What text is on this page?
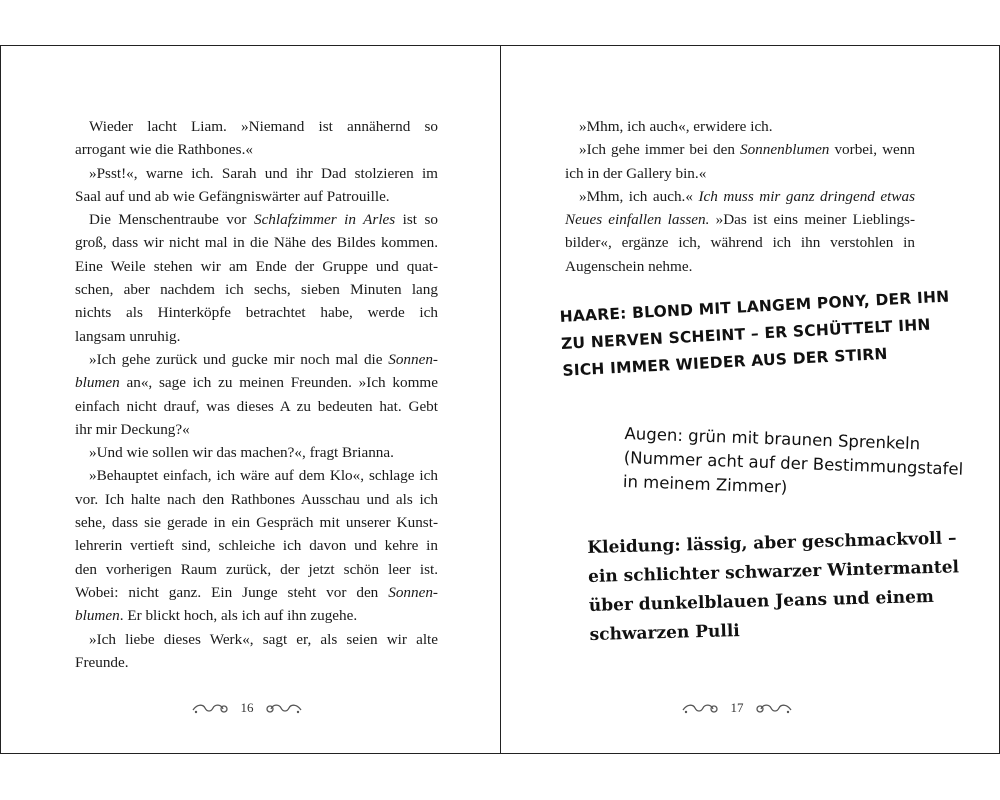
Wieder lacht Liam. »Niemand ist annähernd so
arrogant wie die Rathbones.«
»Psst!«, warne ich. Sarah und ihr Dad stolzieren im
Saal auf und ab wie Gefängniswärter auf Patrouille.
Die Menschentraube vor Schlafzimmer in Arles ist so
groß, dass wir nicht mal in die Nähe des Bildes kommen.
Eine Weile stehen wir am Ende der Gruppe und quat-
schen, aber nachdem ich sechs, sieben Minuten lang
nichts als Hinterköpfe betrachtet habe, werde ich
langsam unruhig.
»Ich gehe zurück und gucke mir noch mal die Sonnen-
blumen an«, sage ich zu meinen Freunden. »Ich komme
einfach nicht drauf, was dieses A zu bedeuten hat. Gebt
ihr mir Deckung?«
»Und wie sollen wir das machen?«, fragt Brianna.
»Behauptet einfach, ich wäre auf dem Klo«, schlage ich
vor. Ich halte nach den Rathbones Ausschau und als ich
sehe, dass sie gerade in ein Gespräch mit unserer Kunst-
lehrerin vertieft sind, schleiche ich davon und kehre in
den vorherigen Raum zurück, der jetzt schön leer ist.
Wobei: nicht ganz. Ein Junge steht vor den Sonnen-
blumen. Er blickt hoch, als ich auf ihn zugehe.
»Ich liebe dieses Werk«, sagt er, als seien wir alte
Freunde.
16
»Mhm, ich auch«, erwidere ich.
»Ich gehe immer bei den Sonnenblumen vorbei, wenn
ich in der Gallery bin.«
»Mhm, ich auch.« Ich muss mir ganz dringend etwas
Neues einfallen lassen. »Das ist eins meiner Lieblings-
bilder«, ergänze ich, während ich ihn verstohlen in
Augenschein nehme.
HAARE: BLOND MIT LANGEM PONY, DER IHN
ZU NERVEN SCHEINT – ER SCHÜTTELT IHN
SICH IMMER WIEDER AUS DER STIRN
Augen: grün mit braunen Sprenkeln
(Nummer acht auf der Bestimmungstafel
in meinem Zimmer)
Kleidung: lässig, aber geschmackvoll –
ein schlichter schwarzer Wintermantel
über dunkelblauen Jeans und einem
schwarzen Pulli
17
